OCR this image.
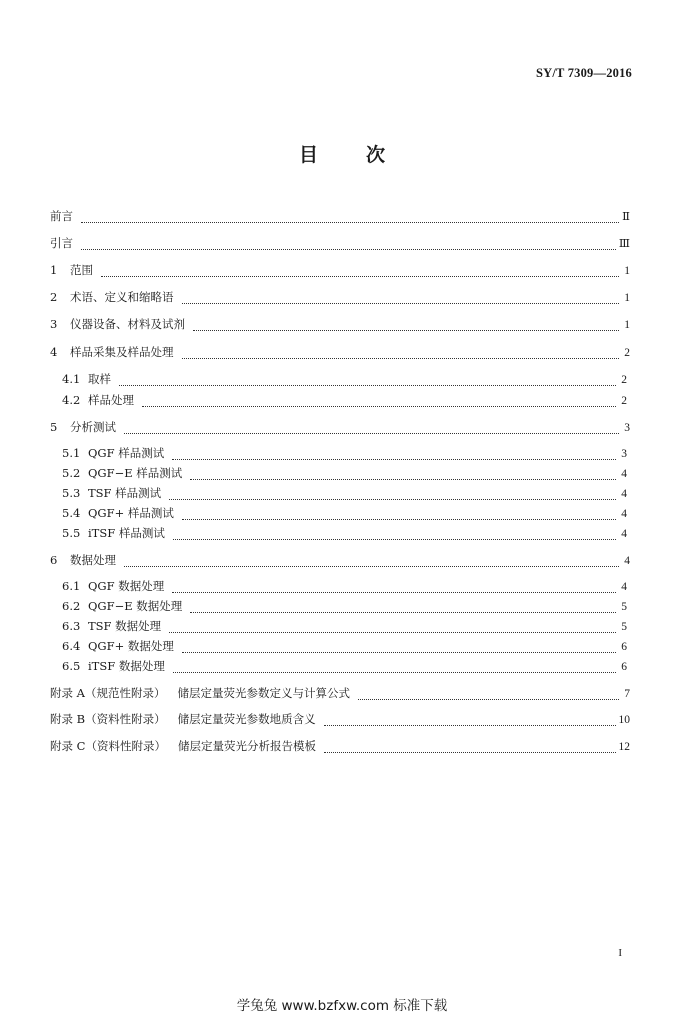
SY/T 7309—2016
目	次
前言	Ⅱ
引言	Ⅲ
1	范围	1
2	术语、定义和缩略语	1
3	仪器设备、材料及试剂	1
4	样品采集及样品处理	2
4.1 取样	2
4.2 样品处理	2
5	分析测试	3
5.1 QGF 样品测试	3
5.2 QGF−E 样品测试	4
5.3 TSF 样品测试	4
5.4 QGF+ 样品测试	4
5.5 iTSF 样品测试	4
6	数据处理	4
6.1 QGF 数据处理	4
6.2 QGF−E 数据处理	5
6.3 TSF 数据处理	5
6.4 QGF+ 数据处理	6
6.5 iTSF 数据处理	6
附录 A （规范性附录）	储层定量荧光参数定义与计算公式	7
附录 B （资料性附录）	储层定量荧光参数地质含义	10
附录 C （资料性附录）	储层定量荧光分析报告模板	12
I
学兔兔 www.bzfxw.com 标准下载
